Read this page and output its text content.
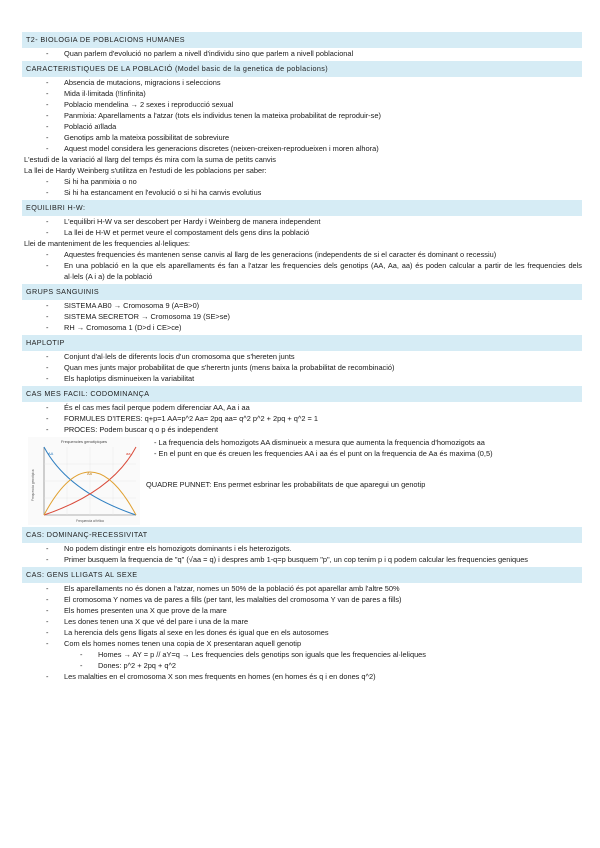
T2- BIOLOGIA DE POBLACIONS HUMANES
- Quan parlem d'evolució no parlem a nivell d'individu sino que parlem a nivell poblacional
CARACTERISTIQUES DE LA POBLACIÓ (Model basic de la genetica de poblacions)
- Absencia de mutacions, migracions i seleccions
- Mida il·limitada (!!infinita)
- Poblacio mendelina → 2 sexes i reproducció sexual
- Panmixia: Aparellaments a l'atzar (tots els individus tenen la mateixa probabilitat de reproduir-se)
- Població aïllada
- Genotips amb la mateixa possibilitat de sobreviure
- Aquest model considera les generacions discretes (neixen-creixen-reprodueixen i moren alhora)
L'estudi de la variació al llarg del temps és mira com la suma de petits canvis
La llei de Hardy Weinberg s'utilitza en l'estudi de les poblacions per saber:
- Si hi ha panmixia o no
- Si hi ha estancament en l'evolució o si hi ha canvis evolutius
EQUILIBRI H-W:
- L'equilibri H-W va ser descobert per Hardy i Weinberg de manera independent
- La llei de H-W et permet veure el compostament dels gens dins la població
Llei de manteniment de les frequencies al·leliques:
- Aquestes frequencies és mantenen sense canvis al llarg de les generacions (independents de si el caracter és dominant o recessiu)
- En una població en la que els aparellaments és fan a l'atzar les frequencies dels genotips (AA, Aa, aa) és poden calcular a partir de les frequencies dels al·lels (A i a) de la població
GRUPS SANGUINIS
- SISTEMA AB0 → Cromosoma 9 (A=B>0)
- SISTEMA SECRETOR → Cromosoma 19 (SE>se)
- RH → Cromosoma 1 (D>d i CE>ce)
HAPLOTIP
- Conjunt d'al·lels de diferents locis d'un cromosoma que s'hereten junts
- Quan mes junts major probabilitat de que s'herertn junts (mens baixa la probabilitat de recombinació)
- Els haplotips disminueixen la variabilitat
CAS MES FACIL: CODOMINANÇA
- És el cas mes facil perque podem diferenciar AA, Aa i aa
- FORMULES D'ITERES: q+p=1 AA=p^2 Aa= 2pq aa= q^2 p^2 + 2pq + q^2 = 1
- PROCES: Podem buscar q o p és independent
Frequencies genotípiques
AA	aa
Aa
Frequencia genotípica
Frequencia al·lèlica
- La frequencia dels homozigots AA disminueix a mesura que aumenta la frequencia d'homozigots aa
- En el punt en que és creuen les frequencies AA i aa és el punt on la frequencia de Aa és maxima (0,5)
QUADRE PUNNET: Ens permet esbrinar les probabilitats de que aparegui un genotip
CAS: DOMINANÇ-RECESSIVITAT
- No podem distingir entre els homozigots dominants i els heterozigots.
- Primer busquem la frequencia de "q" (√aa = q) i despres amb 1-q=p busquem "p", un cop tenim p i q podem calcular les frequencies geniques
CAS: GENS LLIGATS AL SEXE
- Els aparellaments no és donen a l'atzar, nomes un 50% de la població és pot aparellar amb l'altre 50%
- El cromosoma Y nomes va de pares a fills (per tant, les malalties del cromosoma Y van de pares a fills)
- Els homes presenten una X que prove de la mare
- Les dones tenen una X que vé del pare i una de la mare
- La herencia dels gens lligats al sexe en les dones és igual que en els autosomes
- Com els homes nomes tenen una copia de X presentaran aquell genotip
- Homes → AY = p // aY=q → Les frequencies dels genotips son iguals que les frequencies al·leliques
- Dones: p^2 + 2pq + q^2
- Les malalties en el cromosoma X son mes frequents en homes (en homes és q i en dones q^2)
